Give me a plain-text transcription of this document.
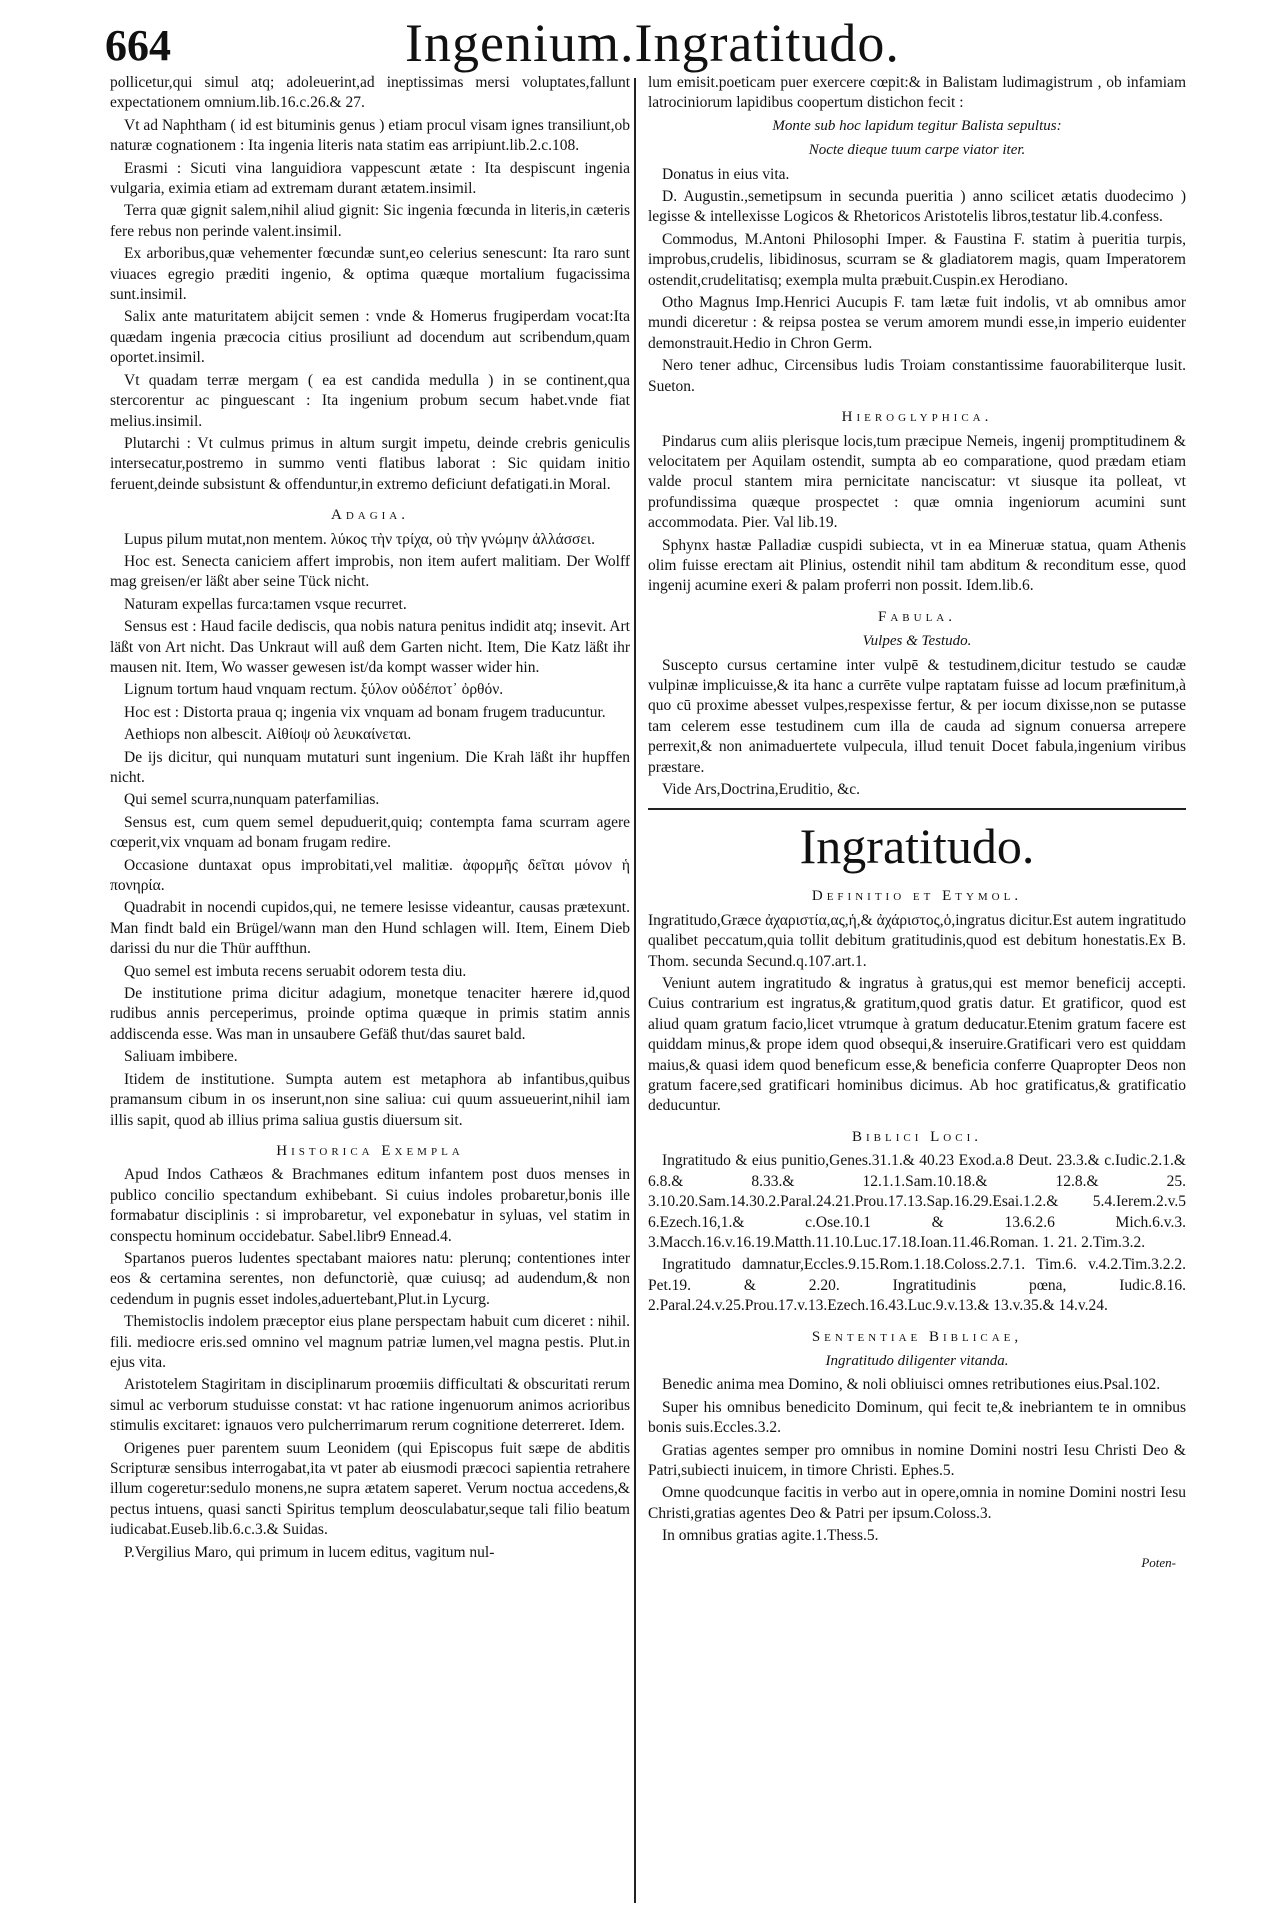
664	Ingenium.Ingratitudo.

pollicetur,qui simul atq; adoleuerint,ad ineptissimas mersi voluptates,fallunt expectationem omnium.lib.16.c.26.& 27.

Vt ad Naphtham ( id est bituminis genus ) etiam procul visam ignes transiliunt,ob naturæ cognationem : Ita ingenia literis nata statim eas arripiunt.lib.2.c.108.

Erasmi : Sicuti vina languidiora vappescunt ætate : Ita despiscunt ingenia vulgaria, eximia etiam ad extremam durant ætatem.insimil.

Terra quæ gignit salem,nihil aliud gignit: Sic ingenia fœcunda in literis,in cæteris fere rebus non perinde valent.insimil.

Ex arboribus,quæ vehementer fœcundæ sunt,eo celerius senescunt: Ita raro sunt viuaces egregio præditi ingenio, & optima quæque mortalium fugacissima sunt.insimil.

Salix ante maturitatem abijcit semen : vnde & Homerus frugiperdam vocat:Ita quædam ingenia præcocia citius prosiliunt ad docendum aut scribendum,quam oportet.insimil.

Vt quadam terræ mergam ( ea est candida medulla ) in se continent,qua stercorentur ac pinguescant : Ita ingenium probum secum habet.vnde fiat melius.insimil.

Plutarchi : Vt culmus primus in altum surgit impetu, deinde crebris geniculis intersecatur,postremo in summo venti flatibus laborat : Sic quidam initio feruent,deinde subsistunt & offenduntur,in extremo deficiunt defatigati.in Moral.

Adagia.

Lupus pilum mutat,non mentem. λύκος τὴν τρίχα, οὐ τὴν γνώμην ἀλλάσσει.

Hoc est. Senecta caniciem affert improbis, non item aufert malitiam. Der Wolff mag greisen/er läßt aber seine Tück nicht.

Naturam expellas furca:tamen vsque recurret.

Sensus est : Haud facile dediscis, qua nobis natura penitus indidit atq; insevit. Art läßt von Art nicht. Das Unkraut will auß dem Garten nicht. Item, Die Katz läßt ihr mausen nit. Item, Wo wasser gewesen ist/da kompt wasser wider hin.

Lignum tortum haud vnquam rectum. ξύλον οὐδέποτ᾽ ὀρθόν.

Hoc est : Distorta praua q; ingenia vix vnquam ad bonam frugem traducuntur.

Aethiops non albescit. Αἰθίοψ οὐ λευκαίνεται.

De ijs dicitur, qui nunquam mutaturi sunt ingenium. Die Krah läßt ihr hupffen nicht.

Qui semel scurra,nunquam paterfamilias.

Sensus est, cum quem semel depuduerit,quiq; contempta fama scurram agere cœperit,vix vnquam ad bonam frugam redire.

Occasione duntaxat opus improbitati,vel malitiæ. ἀφορμῆς δεῖται μόνον ἡ πονηρία.

Quadrabit in nocendi cupidos,qui, ne temere lesisse videantur, causas prætexunt. Man findt bald ein Brügel/wann man den Hund schlagen will. Item, Einem Dieb darissi du nur die Thür auffthun.

Quo semel est imbuta recens seruabit odorem testa diu.

De institutione prima dicitur adagium, monetque tenaciter hærere id,quod rudibus annis perceperimus, proinde optima quæque in primis statim annis addiscenda esse. Was man in unsaubere Gefäß thut/das sauret bald.

Saliuam imbibere.

Itidem de institutione. Sumpta autem est metaphora ab infantibus,quibus pramansum cibum in os inserunt,non sine saliua: cui quum assueuerint,nihil iam illis sapit, quod ab illius prima saliua gustis diuersum sit.

Historica Exempla

Apud Indos Cathæos & Brachmanes editum infantem post duos menses in publico concilio spectandum exhibebant. Si cuius indoles probaretur,bonis ille formabatur disciplinis : si improbaretur, vel exponebatur in syluas, vel statim in conspectu hominum occidebatur. Sabel.libr9 Ennead.4.

Spartanos pueros ludentes spectabant maiores natu: plerunq; contentiones inter eos & certamina serentes, non defunctoriè, quæ cuiusq; ad audendum,& non cedendum in pugnis esset indoles,aduertebant,Plut.in Lycurg.

Themistoclis indolem præceptor eius plane perspectam habuit cum diceret : nihil. fili. mediocre eris.sed omnino vel magnum patriæ lumen,vel magna pestis. Plut.in ejus vita.

Aristotelem Stagiritam in disciplinarum proœmiis difficultati & obscuritati rerum simul ac verborum studuisse constat: vt hac ratione ingenuorum animos acrioribus stimulis excitaret: ignauos vero pulcherrimarum rerum cognitione deterreret. Idem.

Origenes puer parentem suum Leonidem (qui Episcopus fuit sæpe de abditis Scripturæ sensibus interrogabat,ita vt pater ab eiusmodi præcoci sapientia retrahere illum cogeretur:sedulo monens,ne supra ætatem saperet. Verum noctua accedens,& pectus intuens, quasi sancti Spiritus templum deosculabatur,seque tali filio beatum iudicabat.Euseb.lib.6.c.3.& Suidas.

P.Vergilius Maro, qui primum in lucem editus, vagitum nul-

lum emisit.poeticam puer exercere cœpit:& in Balistam ludimagistrum , ob infamiam latrociniorum lapidibus coopertum distichon fecit :

Monte sub hoc lapidum tegitur Balista sepultus:
Nocte dieque tuum carpe viator iter.

Donatus in eius vita.

D. Augustin.,semetipsum in secunda pueritia ) anno scilicet ætatis duodecimo ) legisse & intellexisse Logicos & Rhetoricos Aristotelis libros,testatur lib.4.confess.

Commodus, M.Antoni Philosophi Imper. & Faustina F. statim à pueritia turpis, improbus,crudelis, libidinosus, scurram se & gladiatorem magis, quam Imperatorem ostendit,crudelitatisq; exempla multa præbuit.Cuspin.ex Herodiano.

Otho Magnus Imp.Henrici Aucupis F. tam lætæ fuit indolis, vt ab omnibus amor mundi diceretur : & reipsa postea se verum amorem mundi esse,in imperio euidenter demonstrauit.Hedio in Chron Germ.

Nero tener adhuc, Circensibus ludis Troiam constantissime fauorabiliterque lusit. Sueton.

Hieroglyphica.

Pindarus cum aliis plerisque locis,tum præcipue Nemeis, ingenij promptitudinem & velocitatem per Aquilam ostendit, sumpta ab eo comparatione, quod prædam etiam valde procul stantem mira pernicitate nanciscatur: vt siusque ita polleat, vt profundissima quæque prospectet : quæ omnia ingeniorum acumini sunt accommodata. Pier. Val lib.19.

Sphynx hastæ Palladiæ cuspidi subiecta, vt in ea Mineruæ statua, quam Athenis olim fuisse erectam ait Plinius, ostendit nihil tam abditum & reconditum esse, quod ingenij acumine exeri & palam proferri non possit. Idem.lib.6.

Fabula.
Vulpes & Testudo.

Suscepto cursus certamine inter vulpē & testudinem,dicitur testudo se caudæ vulpinæ implicuisse,& ita hanc a currēte vulpe raptatam fuisse ad locum præfinitum,à quo cū proxime abesset vulpes,respexisse fertur, & per iocum dixisse,non se putasse tam celerem esse testudinem cum illa de cauda ad signum conuersa arrepere perrexit,& non animaduertete vulpecula, illud tenuit Docet fabula,ingenium viribus præstare.

Vide Ars,Doctrina,Eruditio, &c.

Ingratitudo.
Definitio et Etymol.

Ingratitudo,Græce ἀχαριστία,ας,ἡ,& ἀχάριστος,ὁ,ingratus dicitur.Est autem ingratitudo qualibet peccatum,quia tollit debitum gratitudinis,quod est debitum honestatis.Ex B. Thom. secunda Secund.q.107.art.1.

Veniunt autem ingratitudo & ingratus à gratus,qui est memor beneficij accepti. Cuius contrarium est ingratus,& gratitum,quod gratis datur. Et gratificor, quod est aliud quam gratum facio,licet vtrumque à gratum deducatur.Etenim gratum facere est quiddam minus,& prope idem quod obsequi,& inseruire.Gratificari vero est quiddam maius,& quasi idem quod beneficum esse,& beneficia conferre Quapropter Deos non gratum facere,sed gratificari hominibus dicimus. Ab hoc gratificatus,& gratificatio deducuntur.

Biblici Loci.

Ingratitudo & eius punitio,Genes.31.1.& 40.23 Exod.a.8 Deut. 23.3.& c.Iudic.2.1.& 6.8.& 8.33.& 12.1.1.Sam.10.18.& 12.8.& 25. 3.10.20.Sam.14.30.2.Paral.24.21.Prou.17.13.Sap.16.29.Esai.1.2.& 5.4.Ierem.2.v.5 6.Ezech.16,1.& c.Ose.10.1 & 13.6.2.6 Mich.6.v.3. 3.Macch.16.v.16.19.Matth.11.10.Luc.17.18.Ioan.11.46.Roman. 1. 21. 2.Tim.3.2.

Ingratitudo damnatur,Eccles.9.15.Rom.1.18.Coloss.2.7.1. Tim.6. v.4.2.Tim.3.2.2. Pet.19. & 2.20. Ingratitudinis pœna, Iudic.8.16. 2.Paral.24.v.25.Prou.17.v.13.Ezech.16.43.Luc.9.v.13.& 13.v.35.& 14.v.24.

Sententiae Biblicae,
Ingratitudo diligenter vitanda.

Benedic anima mea Domino, & noli obliuisci omnes retributiones eius.Psal.102.

Super his omnibus benedicito Dominum, qui fecit te,& inebriantem te in omnibus bonis suis.Eccles.3.2.

Gratias agentes semper pro omnibus in nomine Domini nostri Iesu Christi Deo & Patri,subiecti inuicem, in timore Christi. Ephes.5.

Omne quodcunque facitis in verbo aut in opere,omnia in nomine Domini nostri Iesu Christi,gratias agentes Deo & Patri per ipsum.Coloss.3.

In omnibus gratias agite.1.Thess.5.

Poten-
